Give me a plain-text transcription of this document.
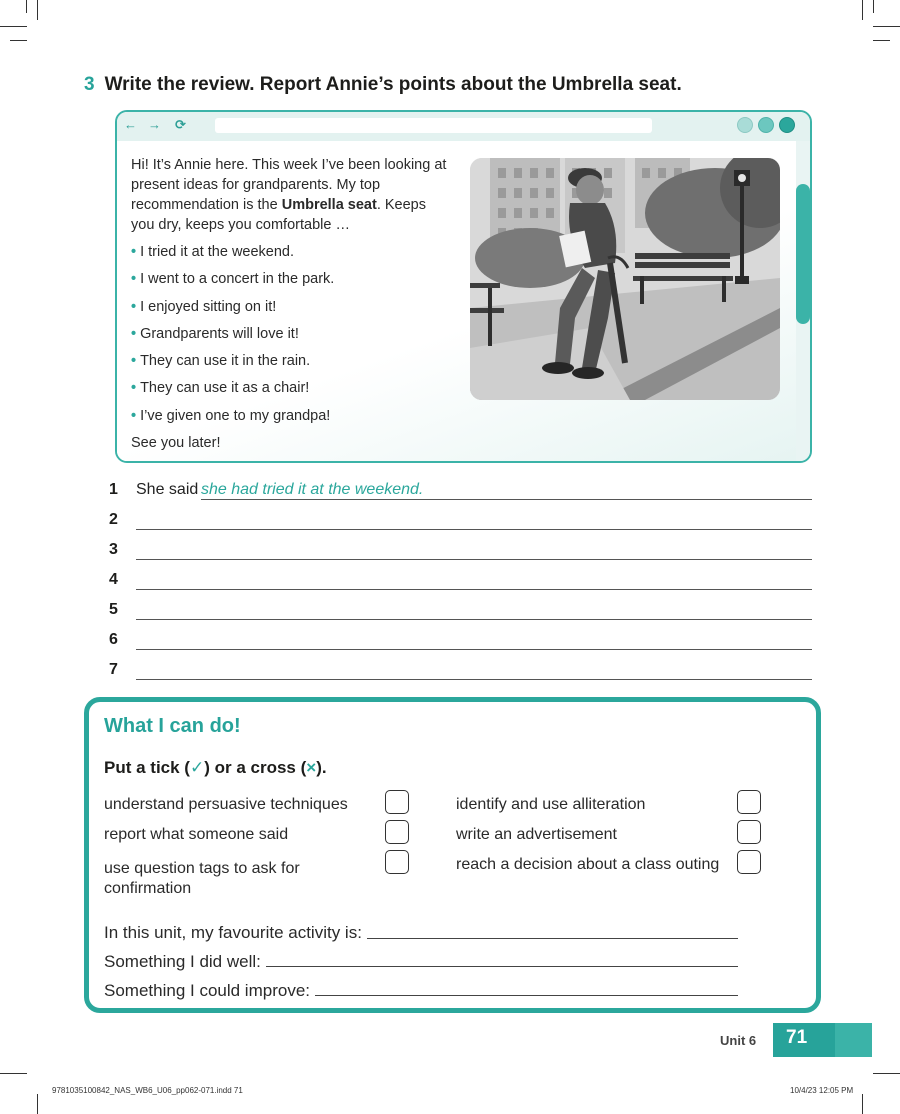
3 Write the review. Report Annie’s points about the Umbrella seat.
← → ⟳

Hi! It’s Annie here. This week I’ve been looking at present ideas for grandparents. My top recommendation is the Umbrella seat. Keeps you dry, keeps you comfortable …

• I tried it at the weekend.
• I went to a concert in the park.
• I enjoyed sitting on it!
• Grandparents will love it!
• They can use it in the rain.
• They can use it as a chair!
• I’ve given one to my grandpa!

See you later!

1 She said she had tried it at the weekend.
2
3
4
5
6
7
What I can do!
Put a tick (✓) or a cross (×).
understand persuasive techniques
report what someone said
use question tags to ask for confirmation
identify and use alliteration
write an advertisement
reach a decision about a class outing
In this unit, my favourite activity is:
Something I did well:
Something I could improve:
Unit 6 71
9781035100842_NAS_WB6_U06_pp062-071.indd 71	10/4/23 12:05 PM
